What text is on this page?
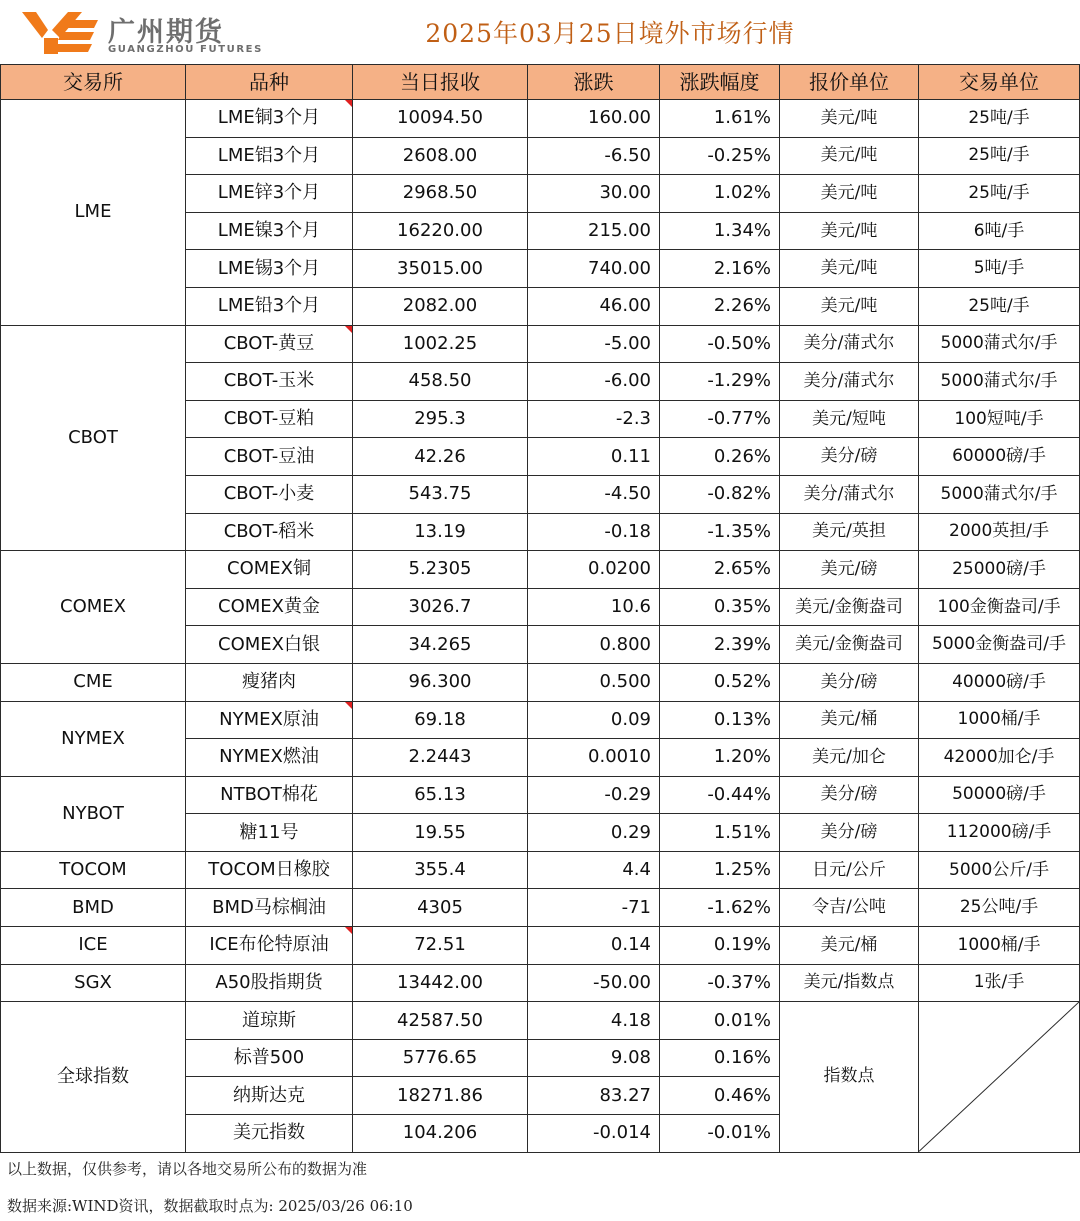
广州期货
GUANGZHOU FUTURES
2025年03月25日境外市场行情
交易所	品种	当日报收	涨跌	涨跌幅度	报价单位	交易单位
LME	LME铜3个月	10094.50	160.00	1.61%	美元/吨	25吨/手
	LME铝3个月	2608.00	-6.50	-0.25%	美元/吨	25吨/手
	LME锌3个月	2968.50	30.00	1.02%	美元/吨	25吨/手
	LME镍3个月	16220.00	215.00	1.34%	美元/吨	6吨/手
	LME锡3个月	35015.00	740.00	2.16%	美元/吨	5吨/手
	LME铅3个月	2082.00	46.00	2.26%	美元/吨	25吨/手
CBOT	CBOT-黄豆	1002.25	-5.00	-0.50%	美分/蒲式尔	5000蒲式尔/手
	CBOT-玉米	458.50	-6.00	-1.29%	美分/蒲式尔	5000蒲式尔/手
	CBOT-豆粕	295.3	-2.3	-0.77%	美元/短吨	100短吨/手
	CBOT-豆油	42.26	0.11	0.26%	美分/磅	60000磅/手
	CBOT-小麦	543.75	-4.50	-0.82%	美分/蒲式尔	5000蒲式尔/手
	CBOT-稻米	13.19	-0.18	-1.35%	美元/英担	2000英担/手
COMEX	COMEX铜	5.2305	0.0200	2.65%	美元/磅	25000磅/手
	COMEX黄金	3026.7	10.6	0.35%	美元/金衡盎司	100金衡盎司/手
	COMEX白银	34.265	0.800	2.39%	美元/金衡盎司	5000金衡盎司/手
CME	瘦猪肉	96.300	0.500	0.52%	美分/磅	40000磅/手
NYMEX	NYMEX原油	69.18	0.09	0.13%	美元/桶	1000桶/手
	NYMEX燃油	2.2443	0.0010	1.20%	美元/加仑	42000加仑/手
NYBOT	NTBOT棉花	65.13	-0.29	-0.44%	美分/磅	50000磅/手
	糖11号	19.55	0.29	1.51%	美分/磅	112000磅/手
TOCOM	TOCOM日橡胶	355.4	4.4	1.25%	日元/公斤	5000公斤/手
BMD	BMD马棕榈油	4305	-71	-1.62%	令吉/公吨	25公吨/手
ICE	ICE布伦特原油	72.51	0.14	0.19%	美元/桶	1000桶/手
SGX	A50股指期货	13442.00	-50.00	-0.37%	美元/指数点	1张/手
全球指数	道琼斯	42587.50	4.18	0.01%	指数点	

	标普500	5776.65	9.08	0.16%		
	纳斯达克	18271.86	83.27	0.46%		
	美元指数	104.206	-0.014	-0.01%		
以上数据，仅供参考，请以各地交易所公布的数据为准
数据来源:WIND资讯，数据截取时点为: 2025/03/26 06:10
